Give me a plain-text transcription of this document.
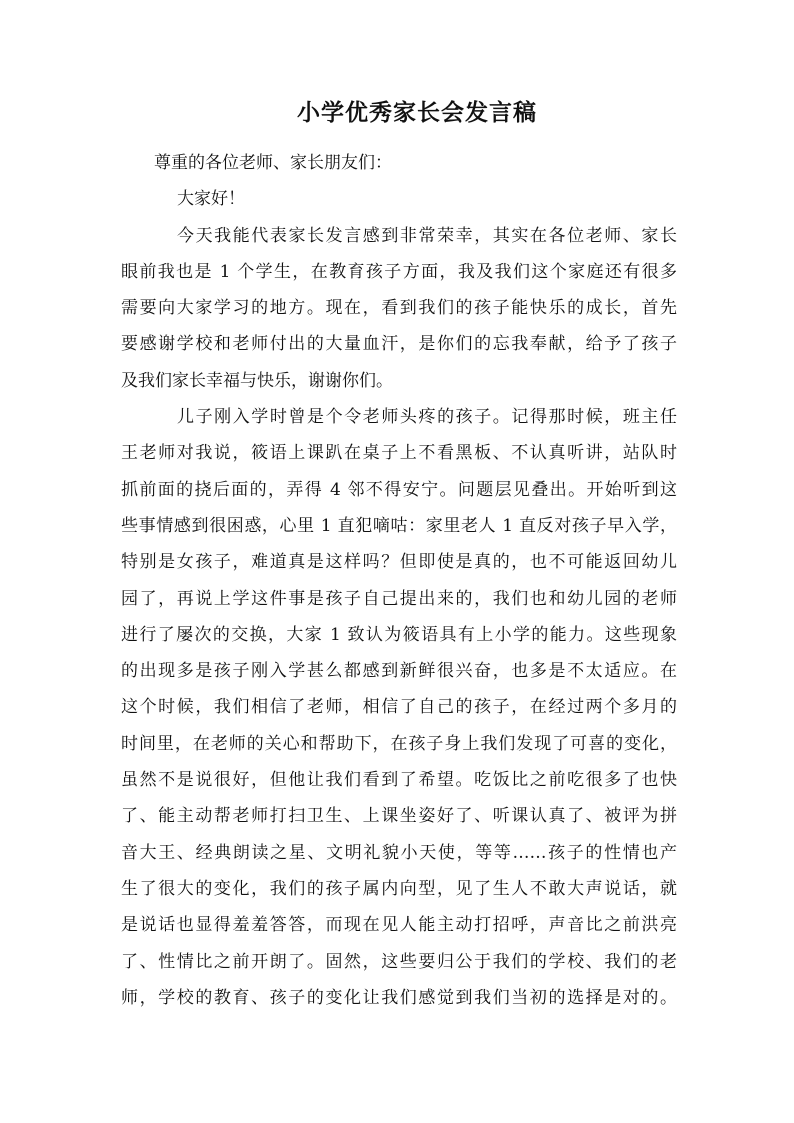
小学优秀家长会发言稿

尊重的各位老师、家长朋友们：

大家好！

今天我能代表家长发言感到非常荣幸，其实在各位老师、家长
眼前我也是 1 个学生，在教育孩子方面，我及我们这个家庭还有很多
需要向大家学习的地方。现在，看到我们的孩子能快乐的成长，首先
要感谢学校和老师付出的大量血汗，是你们的忘我奉献，给予了孩子
及我们家长幸福与快乐，谢谢你们。
儿子刚入学时曾是个令老师头疼的孩子。记得那时候，班主任
王老师对我说，筱语上课趴在桌子上不看黑板、不认真听讲，站队时
抓前面的挠后面的，弄得 4 邻不得安宁。问题层见叠出。开始听到这
些事情感到很困惑，心里 1 直犯嘀咕：家里老人 1 直反对孩子早入学，
特别是女孩子，难道真是这样吗？但即使是真的，也不可能返回幼儿
园了，再说上学这件事是孩子自己提出来的，我们也和幼儿园的老师
进行了屡次的交换，大家 1 致认为筱语具有上小学的能力。这些现象
的出现多是孩子刚入学甚么都感到新鲜很兴奋，也多是不太适应。在
这个时候，我们相信了老师，相信了自己的孩子，在经过两个多月的
时间里，在老师的关心和帮助下，在孩子身上我们发现了可喜的变化，
虽然不是说很好，但他让我们看到了希望。吃饭比之前吃很多了也快
了、能主动帮老师打扫卫生、上课坐姿好了、听课认真了、被评为拼
音大王、经典朗读之星、文明礼貌小天使，等等……孩子的性情也产
生了很大的变化，我们的孩子属内向型，见了生人不敢大声说话，就
是说话也显得羞羞答答，而现在见人能主动打招呼，声音比之前洪亮
了、性情比之前开朗了。固然，这些要归公于我们的学校、我们的老
师，学校的教育、孩子的变化让我们感觉到我们当初的选择是对的。
